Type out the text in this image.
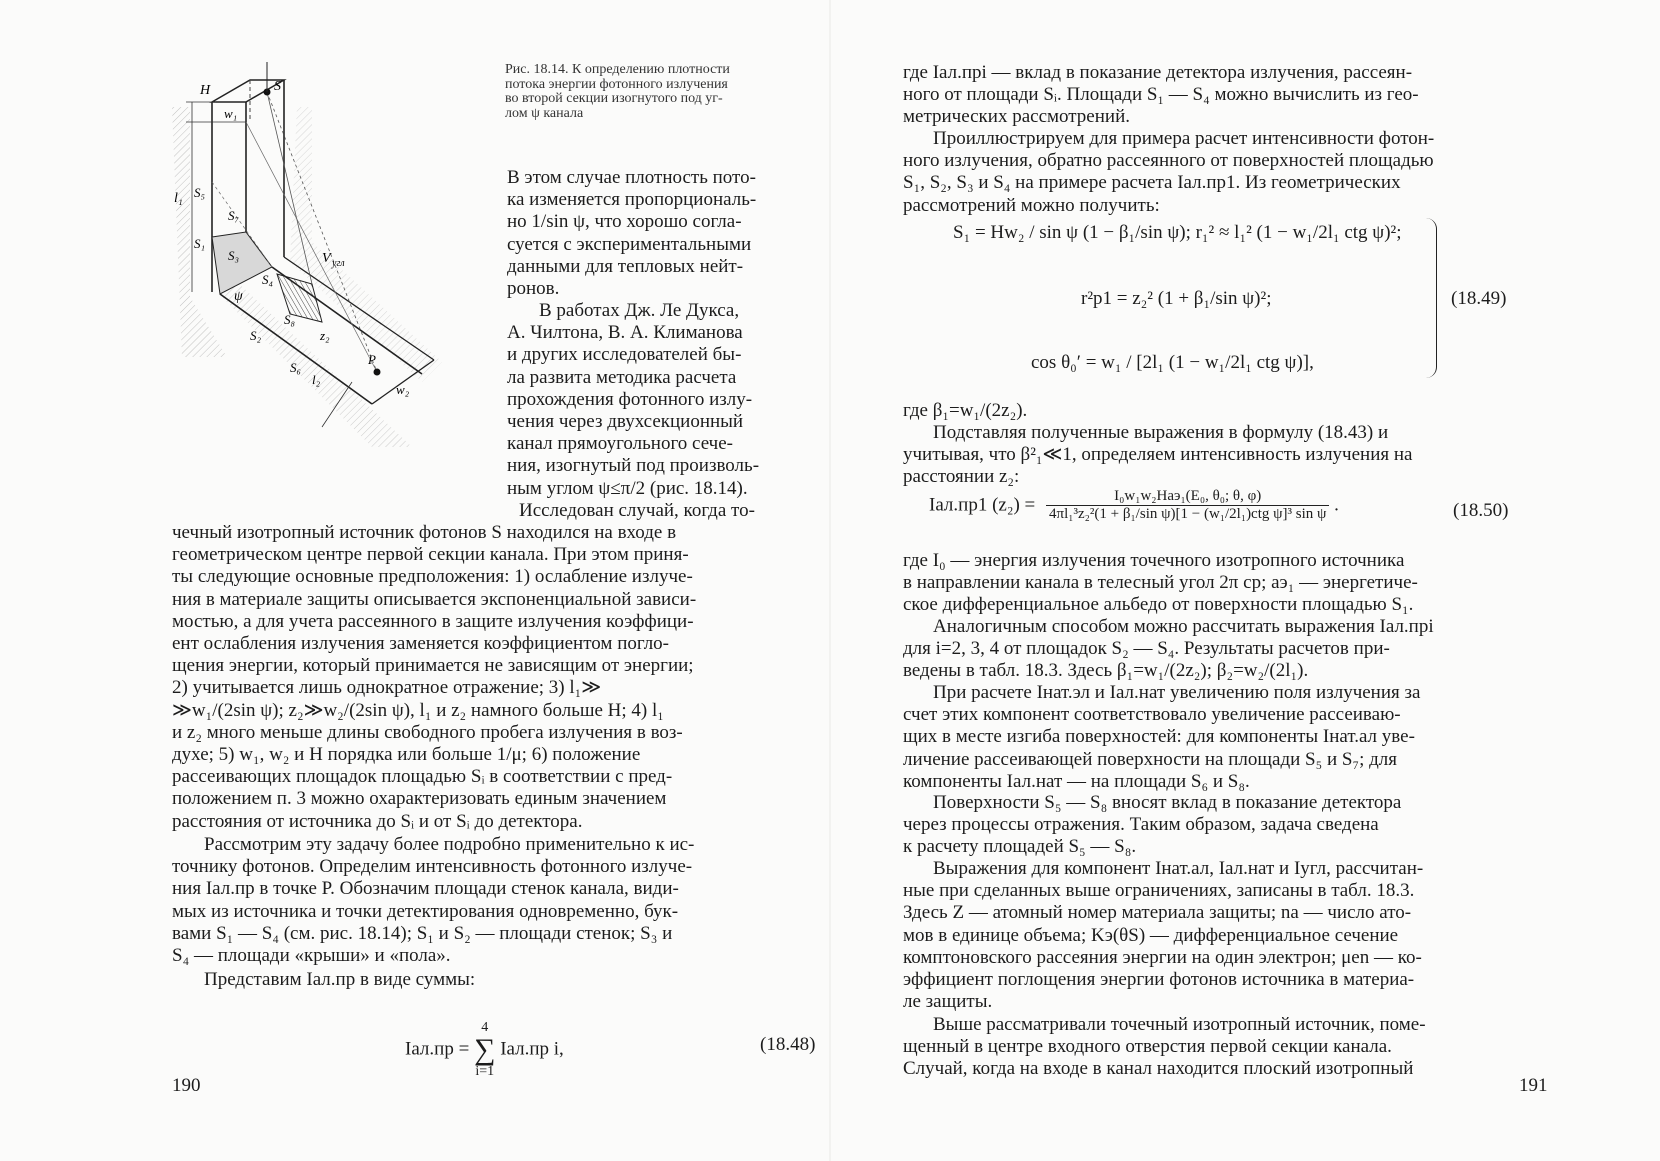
S
H
w₁
l₁ S₅
S₇
S₁
S₃
S₄
V угл
ψ
S₂
S₈
z₂
S₆
l₂
P
w₂
Рис. 18.14. К определению плотности
потока энергии фотонного излучения
во второй секции изогнутого под уг-
лом ψ канала
В этом случае плотность пото-
ка изменяется пропорциональ-
но 1/sin ψ, что хорошо согла-
суется с экспериментальными
данными для тепловых нейт-
ронов.
В работах Дж. Ле Дукса,
А. Чилтона, В. А. Климанова
и других исследователей бы-
ла развита методика расчета
прохождения фотонного излу-
чения через двухсекционный
канал прямоугольного сече-
ния, изогнутый под произволь-
ным углом ψ≤π/2 (рис. 18.14).
Исследован случай, когда то-
чечный изотропный источник фотонов S находился на входе в
геометрическом центре первой секции канала. При этом приня-
ты следующие основные предположения: 1) ослабление излуче-
ния в материале защиты описывается экспоненциальной зависи-
мостью, а для учета рассеянного в защите излучения коэффици-
ент ослабления излучения заменяется коэффициентом погло-
щения энергии, который принимается не зависящим от энергии;
2) учитывается лишь однократное отражение; 3) l₁≫
≫w₁/(2sin ψ); z₂≫w₂/(2sin ψ), l₁ и z₂ намного больше H; 4) l₁
и z₂ много меньше длины свободного пробега излучения в воз-
духе; 5) w₁, w₂ и H порядка или больше 1/μ; 6) положение
рассеивающих площадок площадью Sᵢ в соответствии с пред-
положением п. 3 можно охарактеризовать единым значением
расстояния от источника до Sᵢ и от Sᵢ до детектора.
Рассмотрим эту задачу более подробно применительно к ис-
точнику фотонов. Определим интенсивность фотонного излуче-
ния Iал.пр в точке P. Обозначим площади стенок канала, види-
мых из источника и точки детектирования одновременно, бук-
вами S₁ — S₄ (см. рис. 18.14); S₁ и S₂ — площади стенок; S₃ и
S₄ — площади «крыши» и «пола».
Представим Iал.пр в виде суммы:
Iал.пр =
4
∑
i=1
Iал.пр i,	(18.48)
190
где Iал.прi — вклад в показание детектора излучения, рассеян-
ного от площади Sᵢ. Площади S₁ — S₄ можно вычислить из гео-
метрических рассмотрений.
Проиллюстрируем для примера расчет интенсивности фотон-
ного излучения, обратно рассеянного от поверхностей площадью
S₁, S₂, S₃ и S₄ на примере расчета Iал.пр1. Из геометрических
рассмотрений можно получить:
S₁ = Hw₂ / sin ψ (1 − β₁/sin ψ); r₁² ≈ l₁² (1 − w₁/2l₁ ctg ψ)²;
r²p1 = z₂² (1 + β₁/sin ψ)²;
cos θ₀′ = w₁ / [2l₁ (1 − w₁/2l₁ ctg ψ)],
(18.49)
где β₁=w₁/(2z₂).
Подставляя полученные выражения в формулу (18.43) и
учитывая, что β²₁≪1, определяем интенсивность излучения на
расстоянии z₂:
Iал.пр1 $(z_2) = \frac{\text{I₀w₁w₂Haэ₁(E₀, θ₀; θ, φ)}}{\text{4πl₁³z₂²(1 + β₁/sin ψ)[1 − (w₁/2l₁)ctg ψ]³ sin ψ}}$ .	(18.50)
где I₀ — энергия излучения точечного изотропного источника
в направлении канала в телесный угол 2π ср; aэ₁ — энергетиче-
ское дифференциальное альбедо от поверхности площадью S₁.
Аналогичным способом можно рассчитать выражения Iал.прi
для i=2, 3, 4 от площадок S₂ — S₄. Результаты расчетов при-
ведены в табл. 18.3. Здесь β₁=w₁/(2z₂); β₂=w₂/(2l₁).
При расчете Iнат.эл и Iал.нат увеличению поля излучения за
счет этих компонент соответствовало увеличение рассеиваю-
щих в месте изгиба поверхностей: для компоненты Iнат.ал уве-
личение рассеивающей поверхности на площади S₅ и S₇; для
компоненты Iал.нат — на площади S₆ и S₈.
Поверхности S₅ — S₈ вносят вклад в показание детектора
через процессы отражения. Таким образом, задача сведена
к расчету площадей S₅ — S₈.
Выражения для компонент Iнат.ал, Iал.нат и Iугл, рассчитан-
ные при сделанных выше ограничениях, записаны в табл. 18.3.
Здесь Z — атомный номер материала защиты; nа — число ато-
мов в единице объема; Kэ(θS) — дифференциальное сечение
комптоновского рассеяния энергии на один электрон; μen — ко-
эффициент поглощения энергии фотонов источника в материа-
ле защиты.
Выше рассматривали точечный изотропный источник, поме-
щенный в центре входного отверстия первой секции канала.
Случай, когда на входе в канал находится плоский изотропный
191
